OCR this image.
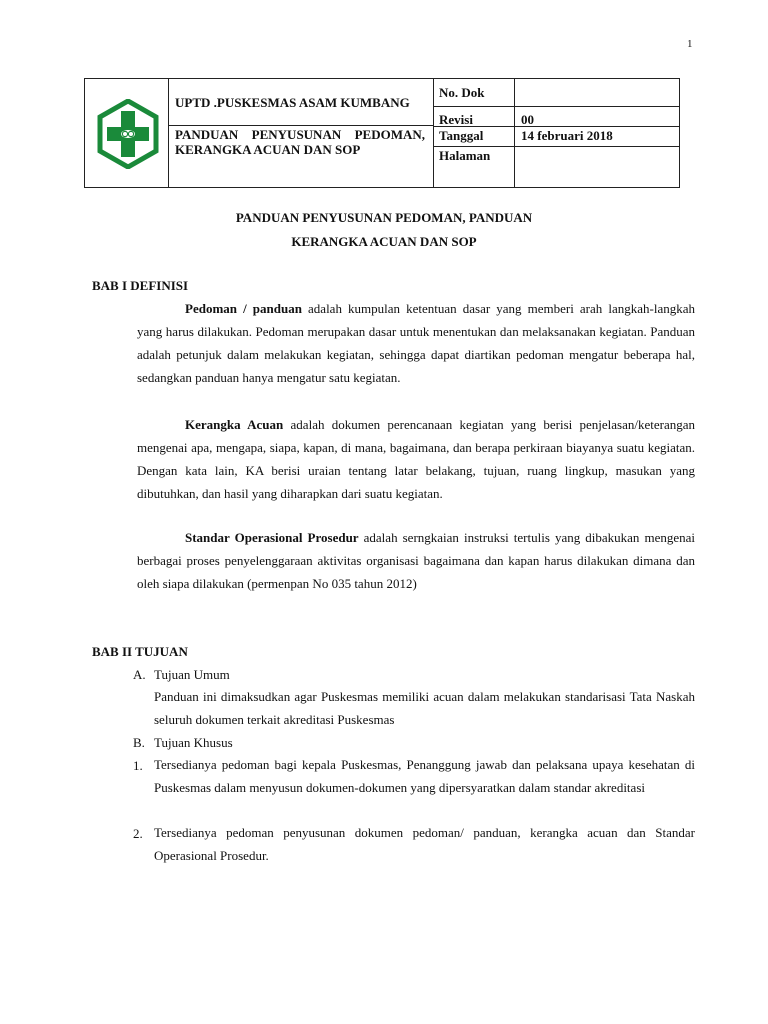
1
UPTD .PUSKESMAS ASAM KUMBANG
PANDUAN PENYUSUNAN PEDOMAN, KERANGKA ACUAN DAN SOP
No. Dok
Revisi	00
Tanggal	14 februari 2018
Halaman
PANDUAN PENYUSUNAN PEDOMAN, PANDUAN
KERANGKA ACUAN DAN SOP
BAB I DEFINISI

Pedoman / panduan adalah kumpulan ketentuan dasar yang memberi arah langkah-langkah yang harus dilakukan. Pedoman merupakan dasar untuk menentukan dan melaksanakan kegiatan. Panduan adalah petunjuk dalam melakukan kegiatan, sehingga dapat diartikan pedoman mengatur beberapa hal, sedangkan panduan hanya mengatur satu kegiatan.

Kerangka Acuan adalah dokumen perencanaan kegiatan yang berisi penjelasan/keterangan mengenai apa, mengapa, siapa, kapan, di mana, bagaimana, dan berapa perkiraan biayanya suatu kegiatan. Dengan kata lain, KA berisi uraian tentang latar belakang, tujuan, ruang lingkup, masukan yang dibutuhkan, dan hasil yang diharapkan dari suatu kegiatan.

Standar Operasional Prosedur adalah serngkaian instruksi tertulis yang dibakukan mengenai berbagai proses penyelenggaraan aktivitas organisasi bagaimana dan kapan harus dilakukan dimana dan oleh siapa dilakukan (permenpan No 035 tahun 2012)

BAB II TUJUAN
A. Tujuan Umum

Panduan ini dimaksudkan agar Puskesmas memiliki acuan dalam melakukan standarisasi Tata Naskah seluruh dokumen terkait akreditasi Puskesmas

B. Tujuan Khusus
1. Tersedianya pedoman bagi kepala Puskesmas, Penanggung jawab dan pelaksana upaya kesehatan di Puskesmas dalam menyusun dokumen-dokumen yang dipersyaratkan dalam standar akreditasi

2. Tersedianya pedoman penyusunan dokumen pedoman/ panduan, kerangka acuan dan Standar Operasional Prosedur.
